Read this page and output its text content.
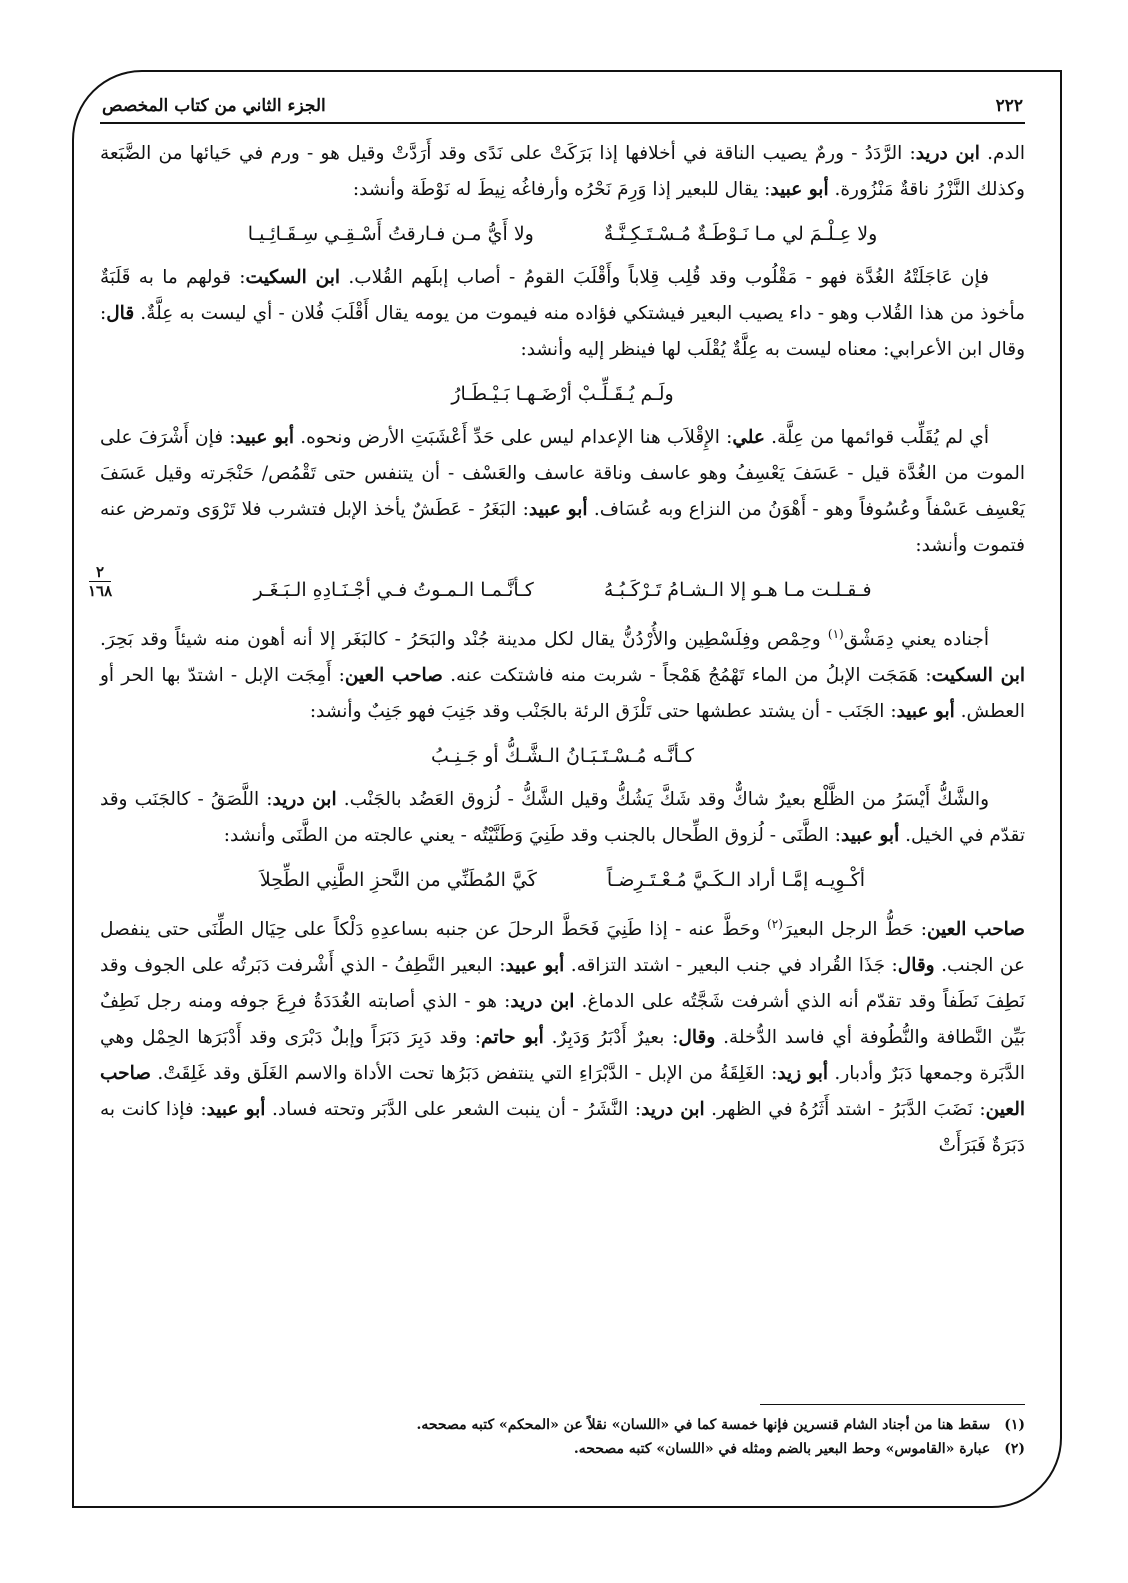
٢٢٢
الجزء الثاني من كتاب المخصص

الدم. ابن دريد: الرَّدَدُ - ورمٌ يصيب الناقة في أخلافها إذا بَرَكَتْ على نَدًى وقد أَرَدَّتْ وقيل هو - ورم في حَيائها من الضَّبَعة وكذلك النَّزْرُ ناقةٌ مَنْزُورة. أبو عبيد: يقال للبعير إذا وَرِمَ نَحْرُه وأرفاغُه نِيطَ له نَوْطَة وأنشد:

ولا عِـلْـمَ لي مـا نَـوْطَـةٌ مُـسْـتَـكِـنَّـةٌ
ولا أَيُّ مـن فـارقتُ أَسْـقِـي سِـقَـائِـيـا

فإن عَاجَلَتْهُ الغُدَّة فهو - مَقْلُوب وقد قُلِب قِلاباً وأَقْلَبَ القومُ - أصاب إبلَهم القُلاب. ابن السكيت: قولهم ما به قَلَبَةٌ مأخوذ من هذا القُلاب وهو - داء يصيب البعير فيشتكي فؤاده منه فيموت من يومه يقال أَقْلَبَ فُلان - أي ليست به عِلَّةٌ. قال: وقال ابن الأعرابي: معناه ليست به عِلَّةٌ يُقْلَب لها فينظر إليه وأنشد:

ولَـم يُـقَـلِّـبْ أرْضَـهـا بَـيْـطَـارُ

أي لم يُقَلِّب قوائمها من عِلَّة. علي: الإِقْلاَب هنا الإعدام ليس على حَدِّ أَعْشَبَتِ الأرض ونحوه. أبو عبيد: فإن أَشْرَفَ على الموت من الغُدَّة قيل - عَسَفَ يَعْسِفُ وهو عاسف وناقة عاسف والعَسْف - أن يتنفس حتى تَقْمُص/ حَنْجَرته وقيل عَسَفَ يَعْسِف عَسْفاً وعُسُوفاً وهو - أَهْوَنُ من النزاع وبه عُسَاف. أبو عبيد: البَغَرُ - عَطَشٌ يأخذ الإبل فتشرب فلا تَرْوَى وتمرض عنه فتموت وأنشد:

فـقـلـت مـا هـو إلا الـشـامُ تَـرْكَـبُـهُ
كـأنَّـمـا الـمـوتُ فـي أجْـنَـادِهِ الـبَـغَـر

أجناده يعني دِمَشْق$^{(١)}$ وحِمْص وفِلَسْطِين والأُرْدُنُّ يقال لكل مدينة جُنْد والبَحَرُ - كالبَغَر إلا أنه أهون منه شيئاً وقد بَحِرَ. ابن السكيت: هَمَجَت الإبلُ من الماء تَهْمُجُ هَمْجاً - شربت منه فاشتكت عنه. صاحب العين: أَمِجَت الإبل - اشتدّ بها الحر أو العطش. أبو عبيد: الجَنَب - أن يشتد عطشها حتى تَلْزَق الرئة بالجَنْب وقد جَنِبَ فهو جَنِبٌ وأنشد:

كـأنَّـه مُـسْـتَـبَـانُ الـشَّـكُّ أو جَـنِـبُ

والشَّكُّ أَيْسَرُ من الظَّلْع بعيرٌ شاكٌّ وقد شَكَّ يَشُكُّ وقيل الشَّكُّ - لُزوق العَضُد بالجَنْب. ابن دريد: اللَّصَقُ - كالجَنَب وقد تقدّم في الخيل. أبو عبيد: الطَّنَى - لُزوق الطِّحال بالجنب وقد طَنِيَ وَطَنَّيْتُه - يعني عالجته من الطَّنَى وأنشد:

أكْـوِيـه إمَّـا أراد الـكَـيَّ مُـعْـتَـرِضـاً
كَيَّ المُطَنِّي من النَّحزِ الطَّنِي الطِّحِلاَ

صاحب العين: حَطُّ الرجل البعيرَ$^{(٢)}$ وحَطَّ عنه - إذا طَنِيَ فَحَطَّ الرحلَ عن جنبه بساعدِهِ دَلْكاً على حِيَال الطِّنَى حتى ينفصل عن الجنب. وقال: جَذَا القُراد في جنب البعير - اشتد التزاقه. أبو عبيد: البعير النَّطِفُ - الذي أَشْرفت دَبَرتُه على الجوف وقد نَطِفَ نَطَفاً وقد تقدّم أنه الذي أشرفت شَجَّتُه على الدماغ. ابن دريد: هو - الذي أصابته الغُدَدَةُ فرِعَ جوفه ومنه رجل نَطِفٌ بَيِّن النَّطافة والنُّطُوفة أي فاسد الدُّخلة. وقال: بعيرٌ أَدْبَرُ وَدَبِرٌ. أبو حاتم: وقد دَبِرَ دَبَرَاً وإبلٌ دَبْرَى وقد أَدْبَرَها الحِمْل وهي الدَّبَرة وجمعها دَبَرٌ وأدبار. أبو زيد: الغَلِقَةُ من الإبل - الدَّبْرَاءِ التي ينتفض دَبَرُها تحت الأداة والاسم الغَلَق وقد غَلِقَتْ. صاحب العين: نَضَبَ الدَّبَرُ - اشتد أَثَرُهُ في الظهر. ابن دريد: النَّشَرُ - أن ينبت الشعر على الدَّبَر وتحته فساد. أبو عبيد: فإذا كانت به دَبَرَةٌ فَبَرَأَتْ

(١)سقط هنا من أجناد الشام قنسرين فإنها خمسة كما في «اللسان» نقلاً عن «المحكم» كتبه مصححه.
(٢)عبارة «القاموس» وحط البعير بالضم ومثله في «اللسان» كتبه مصححه.
٢
١٦٨
